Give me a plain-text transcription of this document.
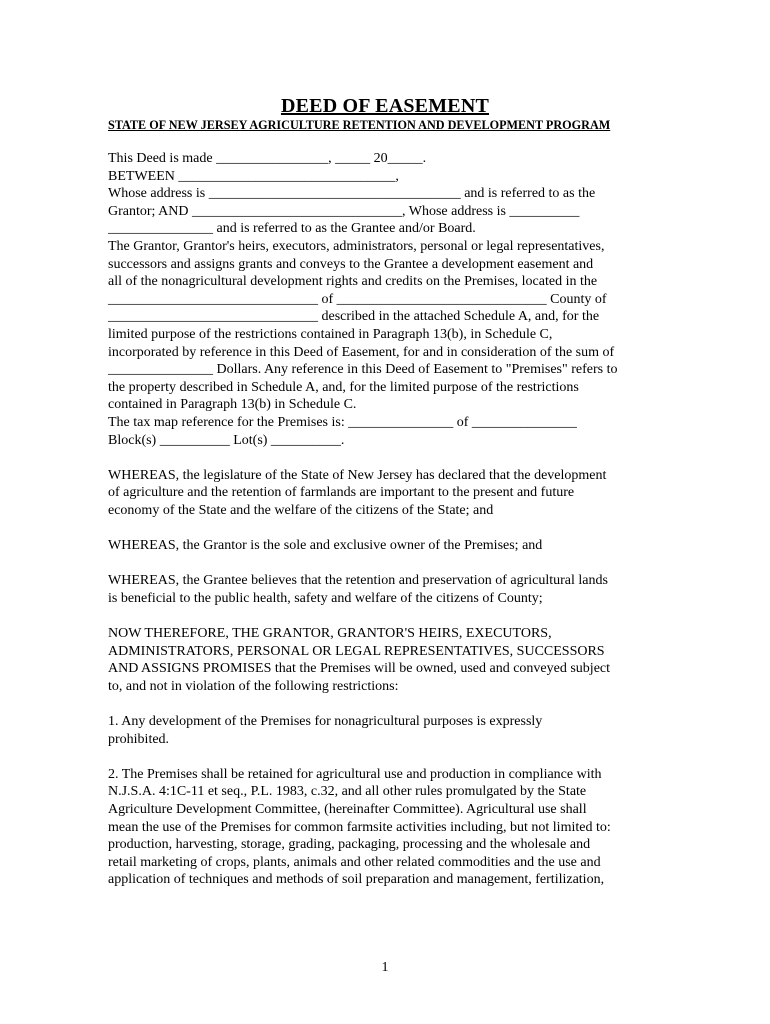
DEED OF EASEMENT
STATE OF NEW JERSEY AGRICULTURE RETENTION AND DEVELOPMENT PROGRAM
This Deed is made ________________, _____ 20_____.
BETWEEN _______________________________,
Whose address is ____________________________________ and is referred to as the
Grantor; AND ______________________________, Whose address is __________
_______________ and is referred to as the Grantee and/or Board.
The Grantor, Grantor's heirs, executors, administrators, personal or legal representatives,
successors and assigns grants and conveys to the Grantee a development easement and
all of the nonagricultural development rights and credits on the Premises, located in the
______________________________ of ______________________________ County of
______________________________ described in the attached Schedule A, and, for the
limited purpose of the restrictions contained in Paragraph 13(b), in Schedule C,
incorporated by reference in this Deed of Easement, for and in consideration of the sum of
_______________ Dollars. Any reference in this Deed of Easement to "Premises" refers to
the property described in Schedule A, and, for the limited purpose of the restrictions
contained in Paragraph 13(b) in Schedule C.
The tax map reference for the Premises is: _______________ of _______________
Block(s) __________ Lot(s) __________.
WHEREAS, the legislature of the State of New Jersey has declared that the development
of agriculture and the retention of farmlands are important to the present and future
economy of the State and the welfare of the citizens of the State; and
WHEREAS, the Grantor is the sole and exclusive owner of the Premises; and
WHEREAS, the Grantee believes that the retention and preservation of agricultural lands
is beneficial to the public health, safety and welfare of the citizens of County;
NOW THEREFORE, THE GRANTOR, GRANTOR'S HEIRS, EXECUTORS,
ADMINISTRATORS, PERSONAL OR LEGAL REPRESENTATIVES, SUCCESSORS
AND ASSIGNS PROMISES that the Premises will be owned, used and conveyed subject
to, and not in violation of the following restrictions:
1. Any development of the Premises for nonagricultural purposes is expressly
prohibited.
2. The Premises shall be retained for agricultural use and production in compliance with
N.J.S.A. 4:1C-11 et seq., P.L. 1983, c.32, and all other rules promulgated by the State
Agriculture Development Committee, (hereinafter Committee). Agricultural use shall
mean the use of the Premises for common farmsite activities including, but not limited to:
production, harvesting, storage, grading, packaging, processing and the wholesale and
retail marketing of crops, plants, animals and other related commodities and the use and
application of techniques and methods of soil preparation and management, fertilization,
1
